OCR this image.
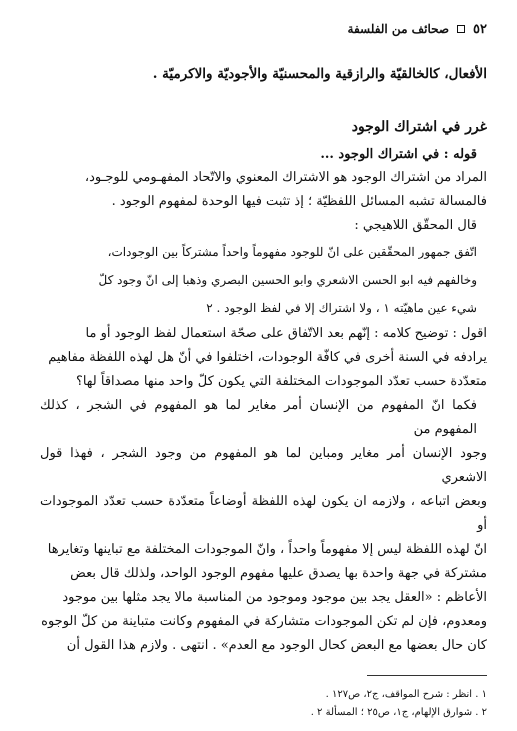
٥٢
صحائف من الفلسفة

الأفعال، كالخالقيّة والرازقية والمحسنيّة والأجوديّة والاكرميّة .

غرر في اشتراك الوجود

قوله : في اشتراك الوجود ...

المراد من اشتراك الوجود هو الاشتراك المعنوي والاتّحاد المفهـومي للوجـود،

فالمسالة تشبه المسائل اللفظيّة ؛ إذ تثبت فيها الوحدة لمفهوم الوجود .

قال المحقّق اللاهيجي :

اتّفق جمهور المحقّقين على انّ للوجود مفهوماً واحداً مشتركاً بين الوجودات،

وخالفهم فيه ابو الحسن الاشعري وابو الحسين البصري وذهبا إلى انّ وجود كلّ

شيء عين ماهيّته ١ ، ولا اشتراك إلا في لفظ الوجود . ٢

اقول : توضيح كلامه : إنّهم بعد الاتّفاق على صحّة استعمال لفظ الوجود أو ما

يرادفه في السنة أخرى في كافّة الوجودات، اختلفوا في أنّ هل لهذه اللفظة مفاهيم

متعدّدة حسب تعدّد الموجودات المختلفة التي يكون كلّ واحد منها مصداقاً لها؟

فكما انّ المفهوم من الإنسان أمر مغاير لما هو المفهوم في الشجر ، كذلك المفهوم من

وجود الإنسان أمر مغاير ومباين لما هو المفهوم من وجود الشجر ، فهذا قول الاشعري

وبعض اتباعه ، ولازمه ان يكون لهذه اللفظة أوضاعاً متعدّدة حسب تعدّد الموجودات أو

انّ لهذه اللفظة ليس إلا مفهوماً واحداً ، وانّ الموجودات المختلفة مع تباينها وتغايرها

مشتركة في جهة واحدة بها يصدق عليها مفهوم الوجود الواحد، ولذلك قال بعض

الأعاظم : «العقل يجد بين موجود وموجود من المناسبة مالا يجد مثلها بين موجود

ومعدوم، فإن لم تكن الموجودات متشاركة في المفهوم وكانت متباينة من كلّ الوجوه

كان حال بعضها مع البعض كحال الوجود مع العدم» . انتهى . ولازم هذا القول أن

١ . انظر : شرح المواقف، ج٢، ص١٢٧ .

٢ . شوارق الإلهام، ج١، ص٢٥ ؛ المسألة ٢ .
